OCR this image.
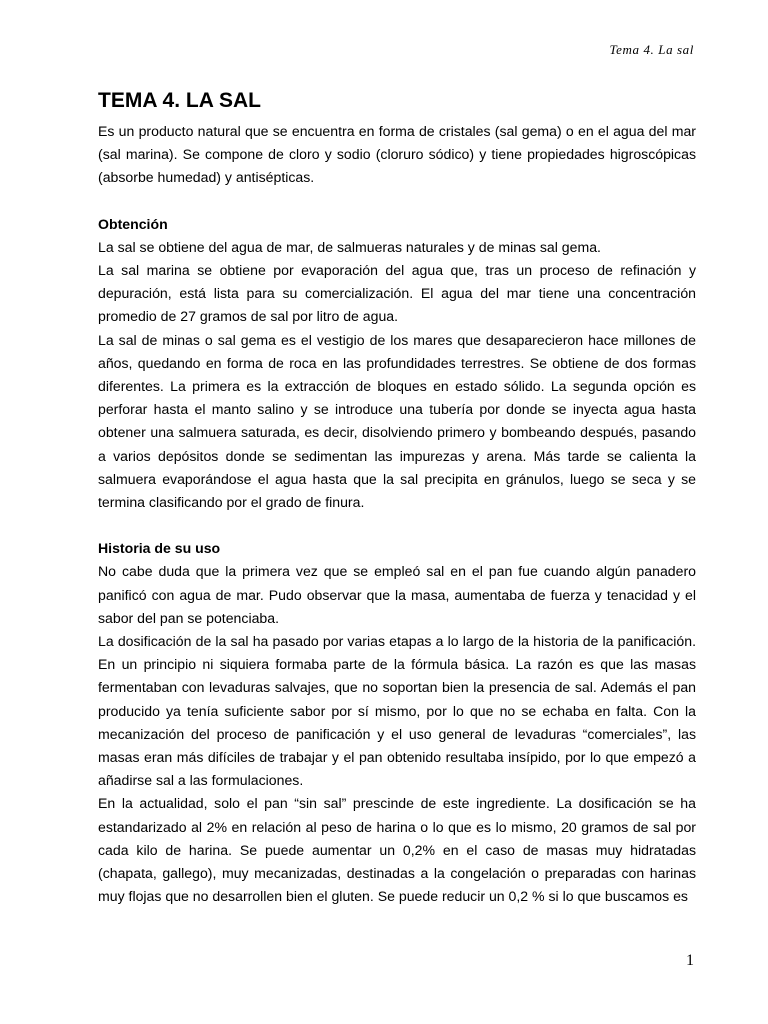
Tema 4. La sal
TEMA 4. LA SAL

Es un producto natural que se encuentra en forma de cristales (sal gema) o en el agua del mar (sal marina). Se compone de cloro y sodio (cloruro sódico) y tiene propiedades higroscópicas (absorbe humedad) y antisépticas.

Obtención

La sal se obtiene del agua de mar, de salmueras naturales y de minas sal gema.

La sal marina se obtiene por evaporación del agua que, tras un proceso de refinación y depuración, está lista para su comercialización. El agua del mar tiene una concentración promedio de 27 gramos de sal por litro de agua.

La sal de minas o sal gema es el vestigio de los mares que desaparecieron hace millones de años, quedando en forma de roca en las profundidades terrestres. Se obtiene de dos formas diferentes. La primera es la extracción de bloques en estado sólido. La segunda opción es perforar hasta el manto salino y se introduce una tubería por donde se inyecta agua hasta obtener una salmuera saturada, es decir, disolviendo primero y bombeando después, pasando a varios depósitos donde se sedimentan las impurezas y arena. Más tarde se calienta la salmuera evaporándose el agua hasta que la sal precipita en gránulos, luego se seca y se termina clasificando por el grado de finura.

Historia de su uso

No cabe duda que la primera vez que se empleó sal en el pan fue cuando algún panadero panificó con agua de mar. Pudo observar que la masa, aumentaba de fuerza y tenacidad y el sabor del pan se potenciaba.

La dosificación de la sal ha pasado por varias etapas a lo largo de la historia de la panificación. En un principio ni siquiera formaba parte de la fórmula básica. La razón es que las masas fermentaban con levaduras salvajes, que no soportan bien la presencia de sal. Además el pan producido ya tenía suficiente sabor por sí mismo, por lo que no se echaba en falta. Con la mecanización del proceso de panificación y el uso general de levaduras “comerciales”, las masas eran más difíciles de trabajar y el pan obtenido resultaba insípido, por lo que empezó a añadirse sal a las formulaciones.

En la actualidad, solo el pan “sin sal” prescinde de este ingrediente. La dosificación se ha estandarizado al 2% en relación al peso de harina o lo que es lo mismo, 20 gramos de sal por cada kilo de harina. Se puede aumentar un 0,2% en el caso de masas muy hidratadas (chapata, gallego), muy mecanizadas, destinadas a la congelación o preparadas con harinas muy flojas que no desarrollen bien el gluten. Se puede reducir un 0,2 % si lo que buscamos es

1
